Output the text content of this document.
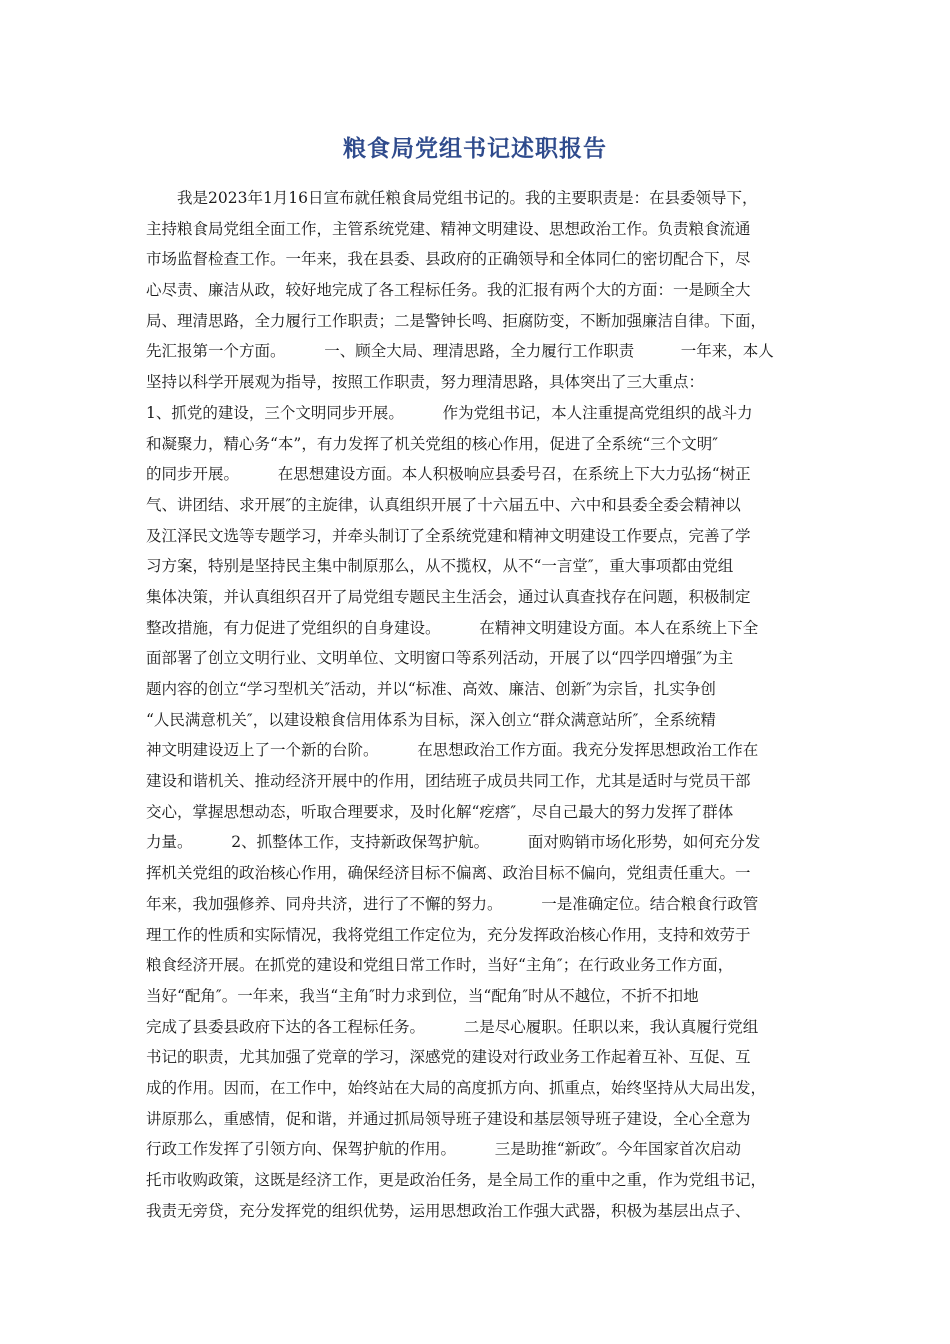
粮食局党组书记述职报告
　　我是2023年1月16日宣布就任粮食局党组书记的。我的主要职责是：在县委领导下，
主持粮食局党组全面工作，主管系统党建、精神文明建设、思想政治工作。负责粮食流通
市场监督检查工作。一年来，我在县委、县政府的正确领导和全体同仁的密切配合下，尽
心尽责、廉洁从政，较好地完成了各工程标任务。我的汇报有两个大的方面：一是顾全大
局、理清思路，全力履行工作职责；二是警钟长鸣、拒腐防变，不断加强廉洁自律。下面，
先汇报第一个方面。　　　一、顾全大局、理清思路，全力履行工作职责　　　一年来，本人
坚持以科学开展观为指导，按照工作职责，努力理清思路，具体突出了三大重点：
1、抓党的建设，三个文明同步开展。　　　作为党组书记，本人注重提高党组织的战斗力
和凝聚力，精心务“本”，有力发挥了机关党组的核心作用，促进了全系统“三个文明″
的同步开展。　　　在思想建设方面。本人积极响应县委号召，在系统上下大力弘扬“树正
气、讲团结、求开展″的主旋律，认真组织开展了十六届五中、六中和县委全委会精神以
及江泽民文选等专题学习，并牵头制订了全系统党建和精神文明建设工作要点，完善了学
习方案，特别是坚持民主集中制原那么，从不揽权，从不“一言堂″，重大事项都由党组
集体决策，并认真组织召开了局党组专题民主生活会，通过认真查找存在问题，积极制定
整改措施，有力促进了党组织的自身建设。　　　在精神文明建设方面。本人在系统上下全
面部署了创立文明行业、文明单位、文明窗口等系列活动，开展了以“四学四增强″为主
题内容的创立“学习型机关″活动，并以“标准、高效、廉洁、创新″为宗旨，扎实争创
“人民满意机关″，以建设粮食信用体系为目标，深入创立“群众满意站所″，全系统精
神文明建设迈上了一个新的台阶。　　　在思想政治工作方面。我充分发挥思想政治工作在
建设和谐机关、推动经济开展中的作用，团结班子成员共同工作，尤其是适时与党员干部
交心，掌握思想动态，听取合理要求，及时化解“疙瘩″，尽自己最大的努力发挥了群体
力量。　　　2、抓整体工作，支持新政保驾护航。　　　面对购销市场化形势，如何充分发
挥机关党组的政治核心作用，确保经济目标不偏离、政治目标不偏向，党组责任重大。一
年来，我加强修养、同舟共济，进行了不懈的努力。　　　一是准确定位。结合粮食行政管
理工作的性质和实际情况，我将党组工作定位为，充分发挥政治核心作用，支持和效劳于
粮食经济开展。在抓党的建设和党组日常工作时，当好“主角″；在行政业务工作方面，
当好“配角″。一年来，我当“主角″时力求到位，当“配角″时从不越位，不折不扣地
完成了县委县政府下达的各工程标任务。　　　二是尽心履职。任职以来，我认真履行党组
书记的职责，尤其加强了党章的学习，深感党的建设对行政业务工作起着互补、互促、互
成的作用。因而，在工作中，始终站在大局的高度抓方向、抓重点，始终坚持从大局出发，
讲原那么，重感情，促和谐，并通过抓局领导班子建设和基层领导班子建设，全心全意为
行政工作发挥了引领方向、保驾护航的作用。　　　三是助推“新政″。今年国家首次启动
托市收购政策，这既是经济工作，更是政治任务，是全局工作的重中之重，作为党组书记，
我责无旁贷，充分发挥党的组织优势，运用思想政治工作强大武器，积极为基层出点子、
